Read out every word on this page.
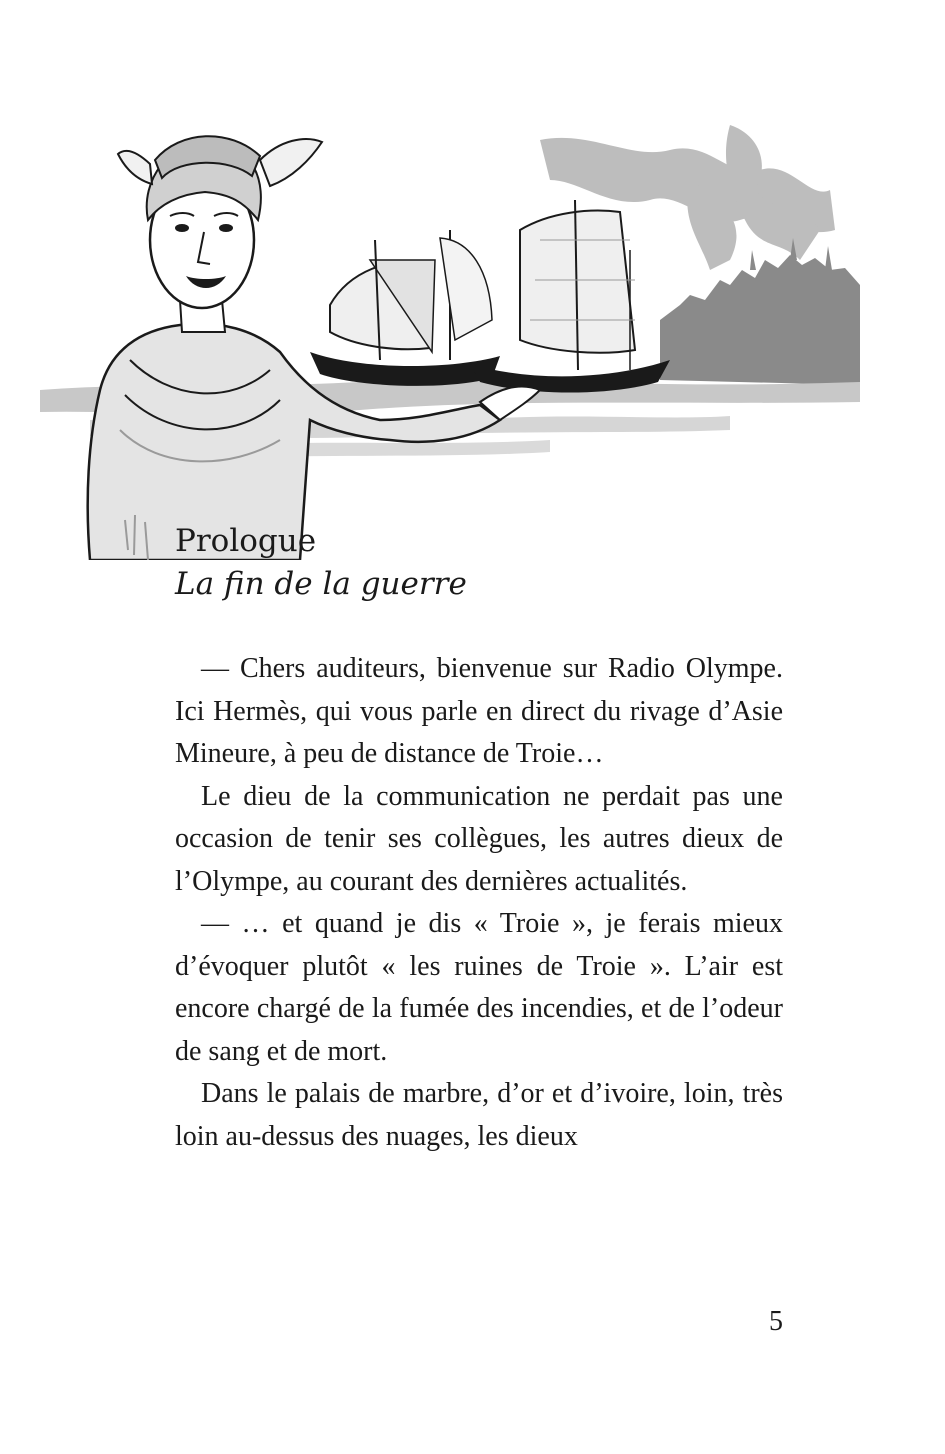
Prologue
La fin de la guerre

— Chers auditeurs, bienvenue sur Radio Olympe. Ici Hermès, qui vous parle en direct du rivage d’Asie Mineure, à peu de distance de Troie…

Le dieu de la communication ne perdait pas une occasion de tenir ses collègues, les autres dieux de l’Olympe, au courant des dernières actualités.

— … et quand je dis « Troie », je ferais mieux d’évoquer plutôt « les ruines de Troie ». L’air est encore chargé de la fumée des incendies, et de l’odeur de sang et de mort.

Dans le palais de marbre, d’or et d’ivoire, loin, très loin au-dessus des nuages, les dieux

5
